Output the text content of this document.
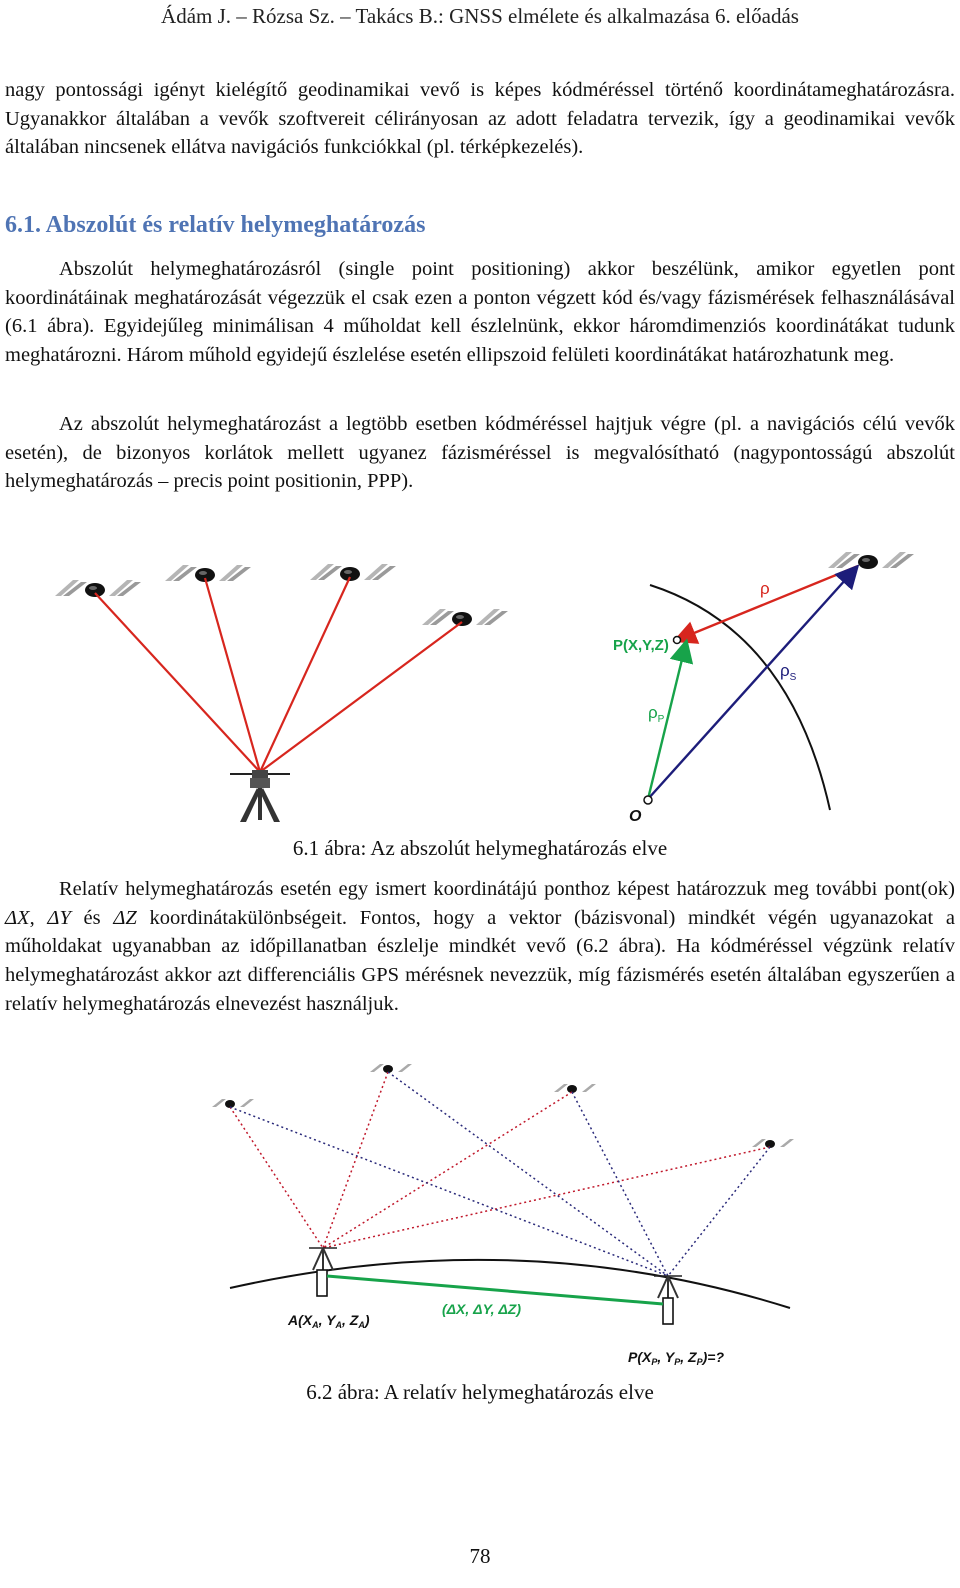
Ádám J. – Rózsa Sz. – Takács B.: GNSS elmélete és alkalmazása 6. előadás

nagy pontossági igényt kielégítő geodinamikai vevő is képes kódméréssel történő koordinátameghatározásra. Ugyanakkor általában a vevők szoftvereit célirányosan az adott feladatra tervezik, így a geodinamikai vevők általában nincsenek ellátva navigációs funkciókkal (pl. térképkezelés).

6.1. Abszolút és relatív helymeghatározás

Abszolút helymeghatározásról (single point positioning) akkor beszélünk, amikor egyetlen pont koordinátáinak meghatározását végezzük el csak ezen a ponton végzett kód és/vagy fázismérések felhasználásával (6.1 ábra). Egyidejűleg minimálisan 4 műholdat kell észlelnünk, ekkor háromdimenziós koordinátákat tudunk meghatározni. Három műhold egyidejű észlelése esetén ellipszoid felületi koordinátákat határozhatunk meg.

Az abszolút helymeghatározást a legtöbb esetben kódméréssel hajtjuk végre (pl. a navigációs célú vevők esetén), de bizonyos korlátok mellett ugyanez fázisméréssel is megvalósítható (nagypontosságú abszolút helymeghatározás – precis point positionin, PPP).

P(X,Y,Z)
ρ
$\rho_S$
$\rho_P$
O
6.1 ábra: Az abszolút helymeghatározás elve

Relatív helymeghatározás esetén egy ismert koordinátájú ponthoz képest határozzuk meg további pont(ok) ΔX, ΔY és ΔZ koordinátakülönbségeit. Fontos, hogy a vektor (bázisvonal) mindkét végén ugyanazokat a műholdakat ugyanabban az időpillanatban észlelje mindkét vevő (6.2 ábra). Ha kódméréssel végzünk relatív helymeghatározást akkor azt differenciális GPS mérésnek nevezzük, míg fázismérés esetén általában egyszerűen a relatív helymeghatározás elnevezést használjuk.

$A(X_A$, $Y_A$, $Z_A$)
(ΔX, ΔY, ΔZ)
$P(X_P$, $Y_P$, $Z_P)=$?
6.2 ábra: A relatív helymeghatározás elve
78
